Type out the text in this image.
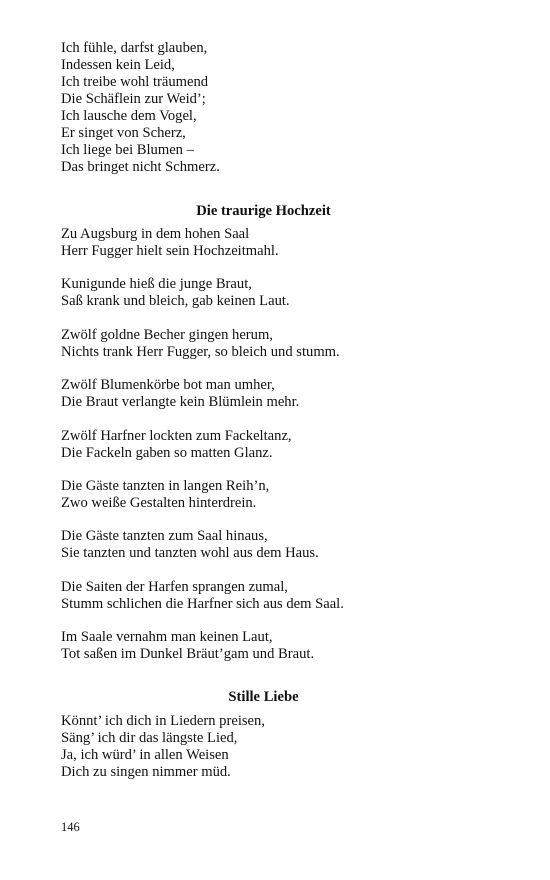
Ich fühle, darfst glauben,
Indessen kein Leid,
Ich treibe wohl träumend
Die Schäflein zur Weid’;
Ich lausche dem Vogel,
Er singet von Scherz,
Ich liege bei Blumen –
Das bringet nicht Schmerz.
Die traurige Hochzeit
Zu Augsburg in dem hohen Saal
Herr Fugger hielt sein Hochzeitmahl.
Kunigunde hieß die junge Braut,
Saß krank und bleich, gab keinen Laut.
Zwölf goldne Becher gingen herum,
Nichts trank Herr Fugger, so bleich und stumm.
Zwölf Blumenkörbe bot man umher,
Die Braut verlangte kein Blümlein mehr.
Zwölf Harfner lockten zum Fackeltanz,
Die Fackeln gaben so matten Glanz.
Die Gäste tanzten in langen Reih’n,
Zwo weiße Gestalten hinterdrein.
Die Gäste tanzten zum Saal hinaus,
Sie tanzten und tanzten wohl aus dem Haus.
Die Saiten der Harfen sprangen zumal,
Stumm schlichen die Harfner sich aus dem Saal.
Im Saale vernahm man keinen Laut,
Tot saßen im Dunkel Bräut’gam und Braut.
Stille Liebe
Könnt’ ich dich in Liedern preisen,
Säng’ ich dir das längste Lied,
Ja, ich würd’ in allen Weisen
Dich zu singen nimmer müd.
146
